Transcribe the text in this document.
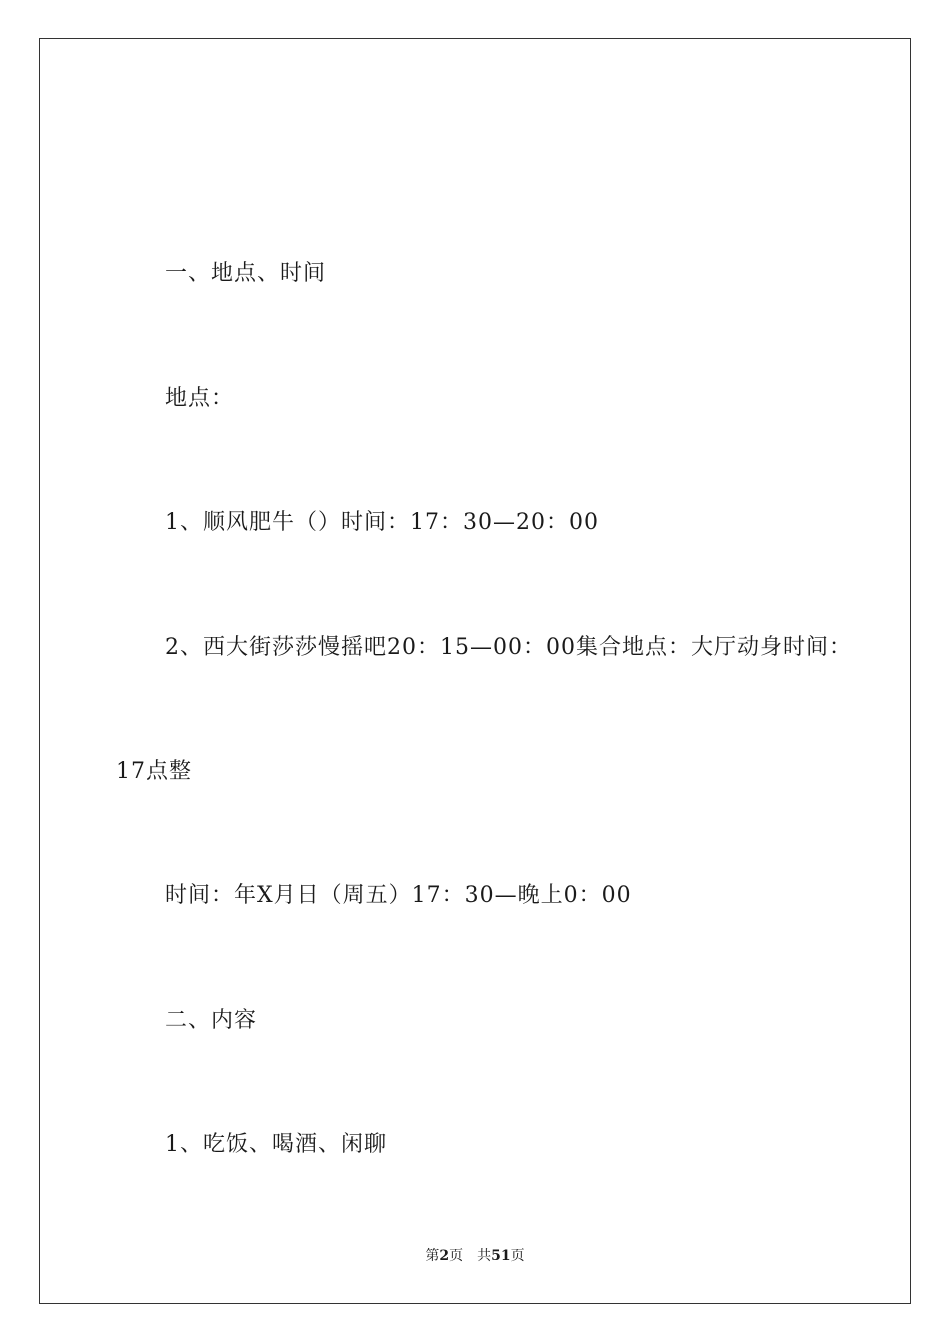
一、地点、时间
地点：
1、顺风肥牛（）时间：17：30—20：00
2、西大街莎莎慢摇吧20：15—00：00集合地点：大厅动身时间：
17点整
时间：年X月日（周五）17：30—晚上0：00
二、内容
1、吃饭、喝酒、闲聊
第2页 共51页
